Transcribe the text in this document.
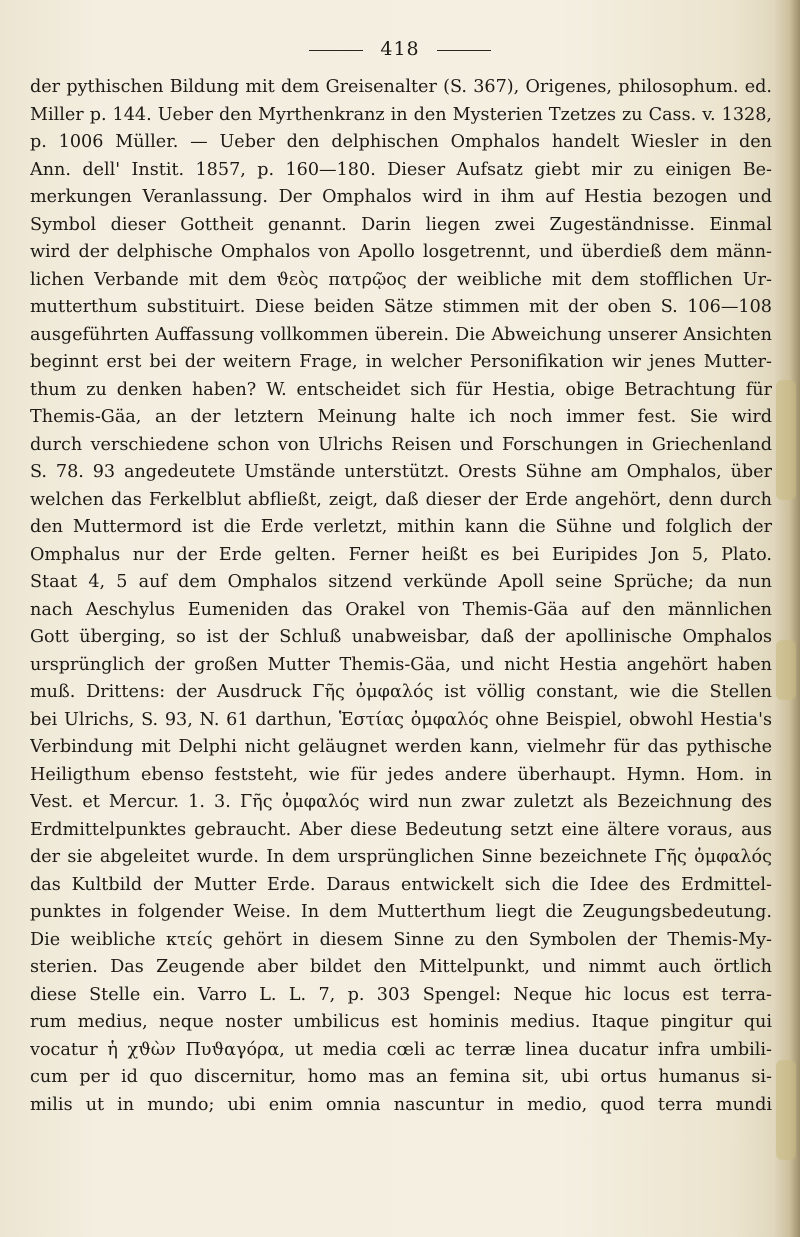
418
der pythischen Bildung mit dem Greisenalter (S. 367), Origenes, philosophum. ed.
Miller p. 144. Ueber den Myrthenkranz in den Mysterien Tzetzes zu Cass. v. 1328,
p. 1006 Müller. — Ueber den delphischen Omphalos handelt Wiesler in den
Ann. dell' Instit. 1857, p. 160—180. Dieser Aufsatz giebt mir zu einigen Be-
merkungen Veranlassung. Der Omphalos wird in ihm auf Hestia bezogen und
Symbol dieser Gottheit genannt. Darin liegen zwei Zugeständnisse. Einmal
wird der delphische Omphalos von Apollo losgetrennt, und überdieß dem männ-
lichen Verbande mit dem ϑεὸς πατρῷος der weibliche mit dem stofflichen Ur-
mutterthum substituirt. Diese beiden Sätze stimmen mit der oben S. 106—108
ausgeführten Auffassung vollkommen überein. Die Abweichung unserer Ansichten
beginnt erst bei der weitern Frage, in welcher Personifikation wir jenes Mutter-
thum zu denken haben? W. entscheidet sich für Hestia, obige Betrachtung für
Themis-Gäa, an der letztern Meinung halte ich noch immer fest. Sie wird
durch verschiedene schon von Ulrichs Reisen und Forschungen in Griechenland
S. 78. 93 angedeutete Umstände unterstützt. Orests Sühne am Omphalos, über
welchen das Ferkelblut abfließt, zeigt, daß dieser der Erde angehört, denn durch
den Muttermord ist die Erde verletzt, mithin kann die Sühne und folglich der
Omphalus nur der Erde gelten. Ferner heißt es bei Euripides Jon 5, Plato.
Staat 4, 5 auf dem Omphalos sitzend verkünde Apoll seine Sprüche; da nun
nach Aeschylus Eumeniden das Orakel von Themis-Gäa auf den männlichen
Gott überging, so ist der Schluß unabweisbar, daß der apollinische Omphalos
ursprünglich der großen Mutter Themis-Gäa, und nicht Hestia angehört haben
muß. Drittens: der Ausdruck Γῆς ὀμφαλός ist völlig constant, wie die Stellen
bei Ulrichs, S. 93, N. 61 darthun, Ἑστίας ὀμφαλός ohne Beispiel, obwohl Hestia's
Verbindung mit Delphi nicht geläugnet werden kann, vielmehr für das pythische
Heiligthum ebenso feststeht, wie für jedes andere überhaupt. Hymn. Hom. in
Vest. et Mercur. 1. 3. Γῆς ὀμφαλός wird nun zwar zuletzt als Bezeichnung des
Erdmittelpunktes gebraucht. Aber diese Bedeutung setzt eine ältere voraus, aus
der sie abgeleitet wurde. In dem ursprünglichen Sinne bezeichnete Γῆς ὀμφαλός
das Kultbild der Mutter Erde. Daraus entwickelt sich die Idee des Erdmittel-
punktes in folgender Weise. In dem Mutterthum liegt die Zeugungsbedeutung.
Die weibliche κτείς gehört in diesem Sinne zu den Symbolen der Themis-My-
sterien. Das Zeugende aber bildet den Mittelpunkt, und nimmt auch örtlich
diese Stelle ein. Varro L. L. 7, p. 303 Spengel: Neque hic locus est terra-
rum medius, neque noster umbilicus est hominis medius. Itaque pingitur qui
vocatur ἡ χϑὼν Πυϑαγόρα, ut media cœli ac terræ linea ducatur infra umbili-
cum per id quo discernitur, homo mas an femina sit, ubi ortus humanus si-
milis ut in mundo; ubi enim omnia nascuntur in medio, quod terra mundi
